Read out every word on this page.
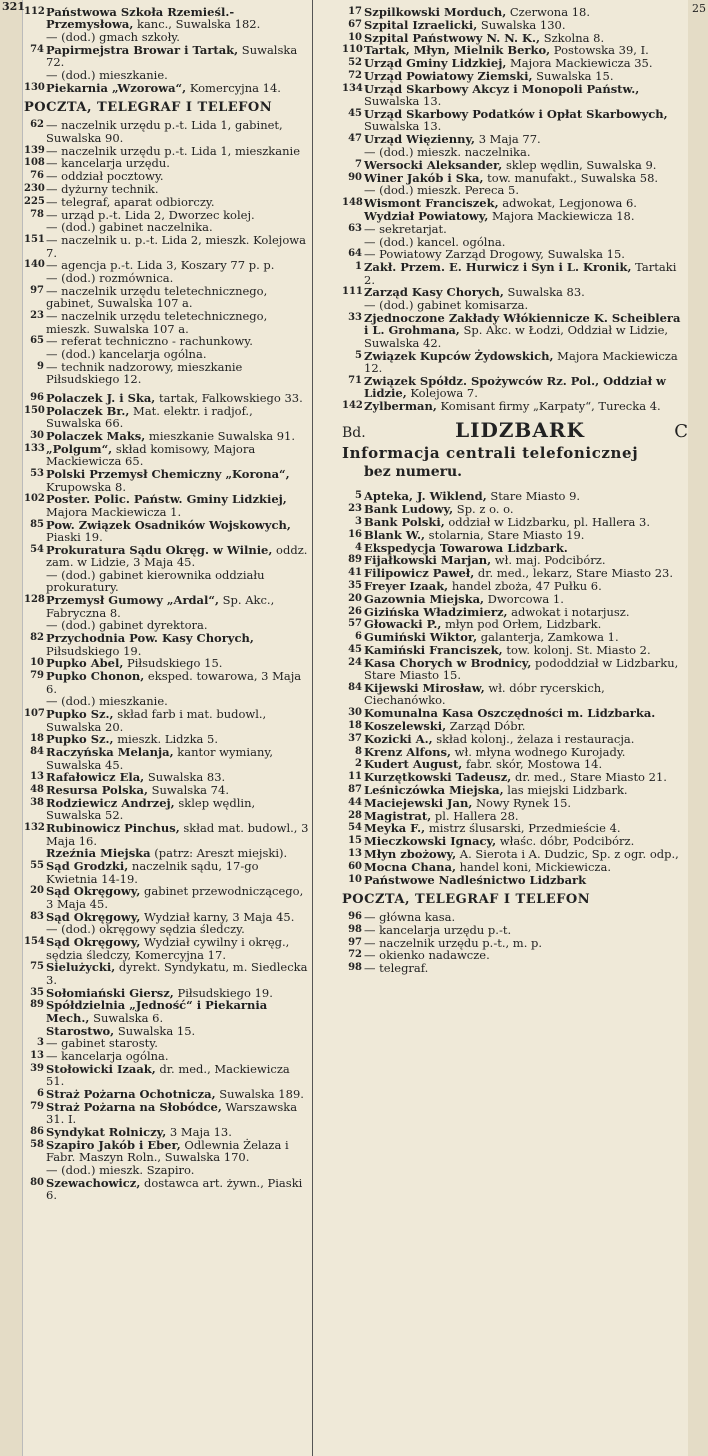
321	25
112 Państwowa Szkoła Rzemieśl.-Przemysłowa, kanc., Suwalska 182.
— (dod.) gmach szkoły.
74 Papirmejstra Browar i Tartak, Suwalska 72.
— (dod.) mieszkanie.
130 Piekarnia „Wzorowa“, Komercyjna 14.
POCZTA, TELEGRAF I TELEFON
62 — naczelnik urzędu p.-t. Lida 1, gabinet, Suwalska 90.
139 — naczelnik urzędu p.-t. Lida 1, mieszkanie
108 — kancelarja urzędu.
76 — oddział pocztowy.
230 — dyżurny technik.
225 — telegraf, aparat odbiorczy.
78 — urząd p.-t. Lida 2, Dworzec kolej.
— (dod.) gabinet naczelnika.
151 — naczelnik u. p.-t. Lida 2, mieszk. Kolejowa 7.
140 — agencja p.-t. Lida 3, Koszary 77 p. p.
— (dod.) rozmównica.
97 — naczelnik urzędu teletechnicznego, gabinet, Suwalska 107 a.
23 — naczelnik urzędu teletechnicznego, mieszk. Suwalska 107 a.
65 — referat techniczno - rachunkowy.
— (dod.) kancelarja ogólna.
9 — technik nadzorowy, mieszkanie Piłsudskiego 12.
96 Polaczek J. i Ska, tartak, Falkowskiego 33.
150 Polaczek Br., Mat. elektr. i radjof., Suwalska 66.
30 Polaczek Maks, mieszkanie Suwalska 91.
133 „Polgum“, skład komisowy, Majora Mackiewicza 65.
53 Polski Przemysł Chemiczny „Korona“, Krupowska 8.
102 Poster. Polic. Państw. Gminy Lidzkiej, Majora Mackiewicza 1.
85 Pow. Związek Osadników Wojskowych, Piaski 19.
54 Prokuratura Sądu Okręg. w Wilnie, oddz. zam. w Lidzie, 3 Maja 45.
— (dod.) gabinet kierownika oddziału prokuratury.
128 Przemysł Gumowy „Ardal“, Sp. Akc., Fabryczna 8.
— (dod.) gabinet dyrektora.
82 Przychodnia Pow. Kasy Chorych, Piłsudskiego 19.
10 Pupko Abel, Piłsudskiego 15.
79 Pupko Chonon, eksped. towarowa, 3 Maja 6.
— (dod.) mieszkanie.
107 Pupko Sz., skład farb i mat. budowl., Suwalska 20.
18 Pupko Sz., mieszk. Lidzka 5.
84 Raczyńska Melanja, kantor wymiany, Suwalska 45.
13 Rafałowicz Ela, Suwalska 83.
48 Resursa Polska, Suwalska 74.
38 Rodziewicz Andrzej, sklep wędlin, Suwalska 52.
132 Rubinowicz Pinchus, skład mat. budowl., 3 Maja 16.
Rzeźnia Miejska (patrz: Areszt miejski).
55 Sąd Grodzki, naczelnik sądu, 17-go Kwietnia 14-19.
20 Sąd Okręgowy, gabinet przewodniczącego, 3 Maja 45.
83 Sąd Okręgowy, Wydział karny, 3 Maja 45.
— (dod.) okręgowy sędzia śledczy.
154 Sąd Okręgowy, Wydział cywilny i okręg., sędzia śledczy, Komercyjna 17.
75 Sielużycki, dyrekt. Syndykatu, m. Siedlecka 3.
35 Sołomiański Giersz, Piłsudskiego 19.
89 Spółdzielnia „Jedność“ i Piekarnia Mech., Suwalska 6.
Starostwo, Suwalska 15.
3 — gabinet starosty.
13 — kancelarja ogólna.
39 Stołowicki Izaak, dr. med., Mackiewicza 51.
6 Straż Pożarna Ochotnicza, Suwalska 189.
79 Straż Pożarna na Słobódce, Warszawska 31. I.
86 Syndykat Rolniczy, 3 Maja 13.
58 Szapiro Jakób i Eber, Odlewnia Żelaza i Fabr. Maszyn Roln., Suwalska 170.
— (dod.) mieszk. Szapiro.
80 Szewachowicz, dostawca art. żywn., Piaski 6.
17 Szpilkowski Morduch, Czerwona 18.
67 Szpital Izraelicki, Suwalska 130.
10 Szpital Państwowy N. N. K., Szkolna 8.
110 Tartak, Młyn, Mielnik Berko, Postowska 39, I.
52 Urząd Gminy Lidzkiej, Majora Mackiewicza 35.
72 Urząd Powiatowy Ziemski, Suwalska 15.
134 Urząd Skarbowy Akcyz i Monopoli Państw., Suwalska 13.
45 Urząd Skarbowy Podatków i Opłat Skarbowych, Suwalska 13.
47 Urząd Więzienny, 3 Maja 77.
— (dod.) mieszk. naczelnika.
7 Wersocki Aleksander, sklep wędlin, Suwalska 9.
90 Winer Jakób i Ska, tow. manufakt., Suwalska 58.
— (dod.) mieszk. Pereca 5.
148 Wismont Franciszek, adwokat, Legjonowa 6.
Wydział Powiatowy, Majora Mackiewicza 18.
63 — sekretarjat.
— (dod.) kancel. ogólna.
64 — Powiatowy Zarząd Drogowy, Suwalska 15.
1 Zakł. Przem. E. Hurwicz i Syn i L. Kronik, Tartaki 2.
111 Zarząd Kasy Chorych, Suwalska 83.
— (dod.) gabinet komisarza.
33 Zjednoczone Zakłady Włókiennicze K. Scheiblera i L. Grohmana, Sp. Akc. w Łodzi, Oddział w Lidzie, Suwalska 42.
5 Związek Kupców Żydowskich, Majora Mackiewicza 12.
71 Związek Spółdz. Spożywców Rz. Pol., Oddział w Lidzie, Kolejowa 7.
142 Zylberman, Komisant firmy „Karpaty“, Turecka 4.
Bd.	LIDZBARK	C
Informacja centrali telefonicznej
bez numeru.
5 Apteka, J. Wiklend, Stare Miasto 9.
23 Bank Ludowy, Sp. z o. o.
3 Bank Polski, oddział w Lidzbarku, pl. Hallera 3.
16 Blank W., stolarnia, Stare Miasto 19.
4 Ekspedycja Towarowa Lidzbark.
89 Fijałkowski Marjan, wł. maj. Podcibórz.
41 Filipowicz Paweł, dr. med., lekarz, Stare Miasto 23.
35 Freyer Izaak, handel zboża, 47 Pułku 6.
20 Gazownia Miejska, Dworcowa 1.
26 Gizińska Władzimierz, adwokat i notarjusz.
57 Głowacki P., młyn pod Orłem, Lidzbark.
6 Gumiński Wiktor, galanterja, Zamkowa 1.
45 Kamiński Franciszek, tow. kolonj. St. Miasto 2.
24 Kasa Chorych w Brodnicy, pododdział w Lidzbarku, Stare Miasto 15.
84 Kijewski Mirosław, wł. dóbr rycerskich, Ciechanówko.
30 Komunalna Kasa Oszczędności m. Lidzbarka.
18 Koszelewski, Zarząd Dóbr.
37 Kozicki A., skład kolonj., żelaza i restauracja.
8 Krenz Alfons, wł. młyna wodnego Kurojady.
2 Kudert August, fabr. skór, Mostowa 14.
11 Kurzętkowski Tadeusz, dr. med., Stare Miasto 21.
87 Leśniczówka Miejska, las miejski Lidzbark.
44 Maciejewski Jan, Nowy Rynek 15.
28 Magistrat, pl. Hallera 28.
54 Meyka F., mistrz ślusarski, Przedmieście 4.
15 Mieczkowski Ignacy, właśc. dóbr, Podcibórz.
13 Młyn zbożowy, A. Sierota i A. Dudzic, Sp. z ogr. odp.,
60 Mocna Chana, handel koni, Mickiewicza.
10 Państwowe Nadleśnictwo Lidzbark
POCZTA, TELEGRAF I TELEFON
96 — główna kasa.
98 — kancelarja urzędu p.-t.
97 — naczelnik urzędu p.-t., m. p.
72 — okienko nadawcze.
98 — telegraf.
